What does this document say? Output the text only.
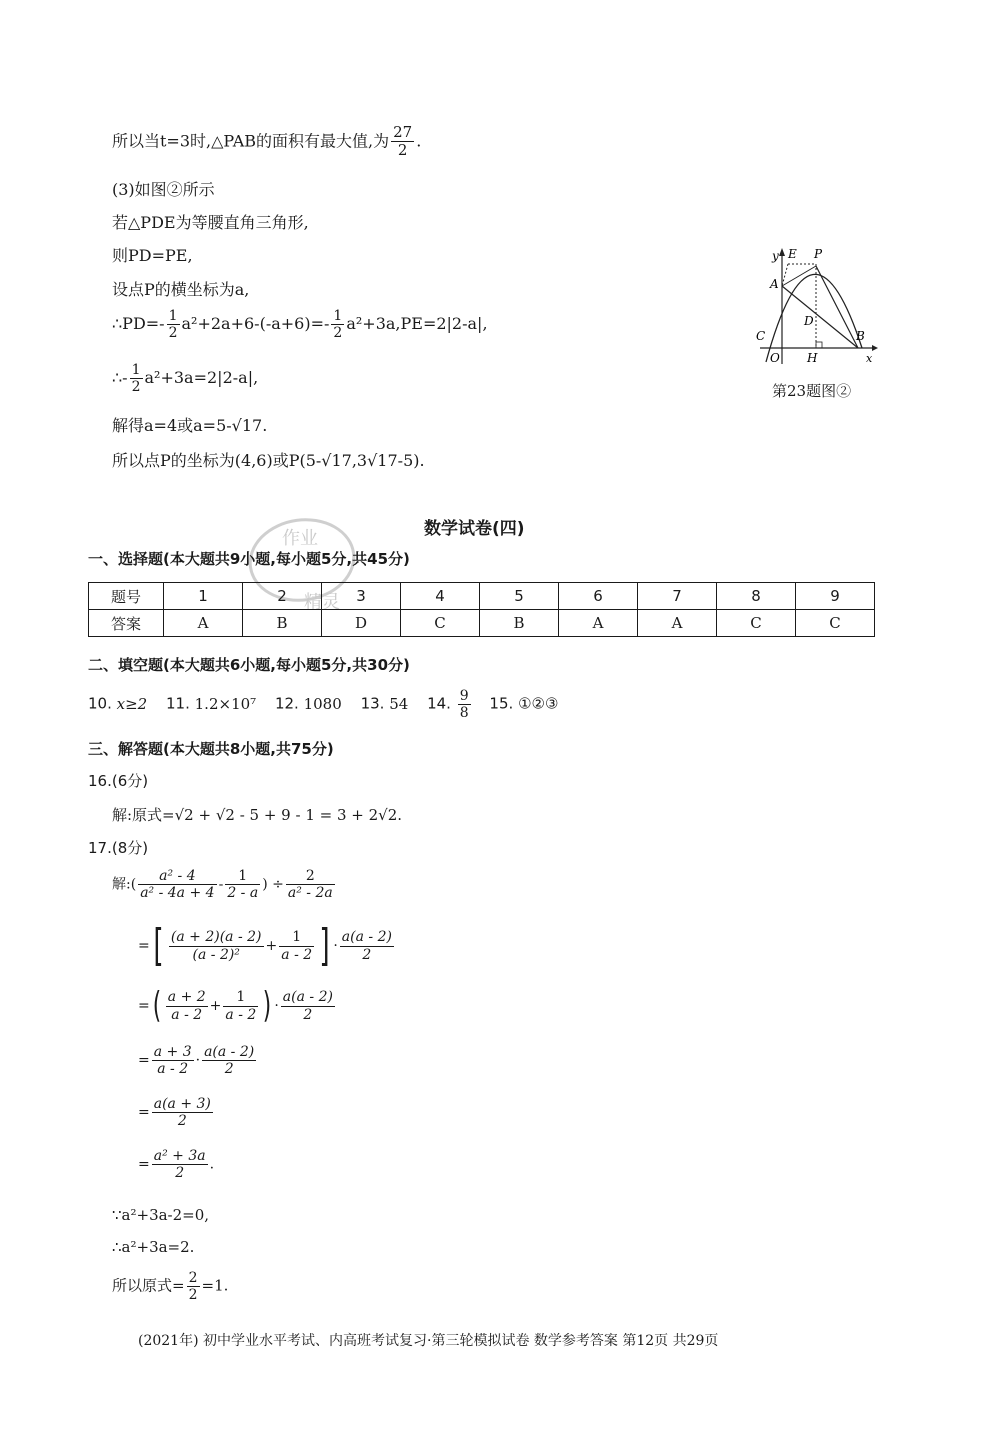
所以当t=3时,△PAB的面积有最大值,为 $\frac{27}{2}$ .
(3)如图②所示
若△PDE为等腰直角三角形,
则PD=PE,
设点P的横坐标为a,
∴PD=- $\frac{1}{2} a^2+2a+6-(-a+6)=- \frac{1}{2} a^2+3a,PE=2|2-a|$,
∴- $\frac{1}{2} a^2+3a=2|2-a|$,
解得a=4或a=5-√17.
所以点P的坐标为(4,6)或P(5-√17,3√17-5).
y E P
A
D
C	B
O H	x
第23题图②
作业
精灵
数学试卷(四)
一、选择题(本大题共9小题,每小题5分,共45分)
题号	1	2	3	4	5	6	7	8	9
答案	A	B	D	C	B	A	A	C	C
二、填空题(本大题共6小题,每小题5分,共30分)
10. x≥2 11. 1.2×10⁷ 12. 1080 13. 54 14. $\frac{9}{8} 15$. ①②③
三、解答题(本大题共8小题,共75分)
16.(6分)
解:原式=√2 + √2 - 5 + 9 - 1 = 3 + 2√2.
17.(8分)
解:( $\frac{\text{a² - 4}}{\text{a² - 4a + 4}} - \frac{1}{2 - a}$ ) ÷ $\frac{2}{\text{a² - 2a}}$
=[ $\frac{(a + 2)(a - 2)}{\text{(a - 2)²}} + \frac{1}{a - 2}$ ] · $\frac{a(a - 2)}{2}$
=( $\frac{a + 2}{a - 2} + \frac{1}{a - 2}$ ) · $\frac{a(a - 2)}{2}$
= $\frac{a + 3}{a - 2} \cdot \frac{a(a - 2)}{2}$
= $\frac{a(a + 3)}{2}$
= $\frac{\text{a² + 3a}}{2}$ .
∵a²+3a-2=0,
∴a²+3a=2.
所以原式= $\frac{2}{2} =1$.
(2021年) 初中学业水平考试、内高班考试复习·第三轮模拟试卷 数学参考答案 第12页 共29页
